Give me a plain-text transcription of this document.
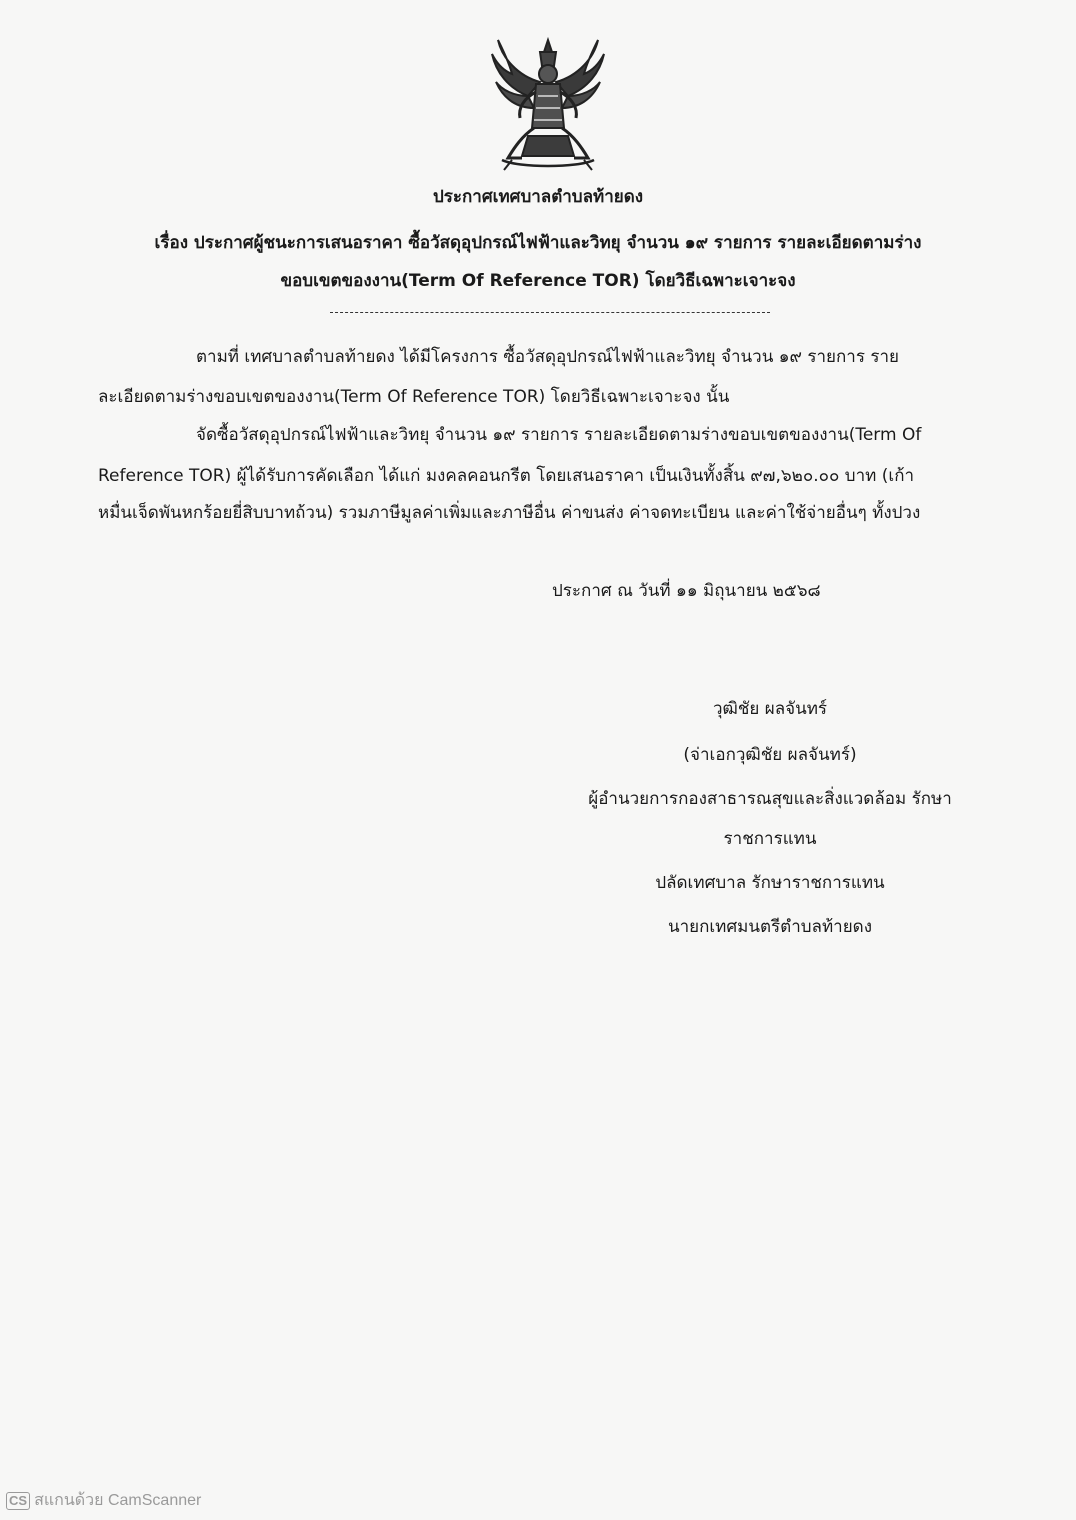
ประกาศเทศบาลตำบลท้ายดง
เรื่อง ประกาศผู้ชนะการเสนอราคา ซื้อวัสดุอุปกรณ์ไฟฟ้าและวิทยุ จำนวน ๑๙ รายการ รายละเอียดตามร่าง
ขอบเขตของงาน(Term Of Reference TOR) โดยวิธีเฉพาะเจาะจง
ตามที่ เทศบาลตำบลท้ายดง ได้มีโครงการ ซื้อวัสดุอุปกรณ์ไฟฟ้าและวิทยุ จำนวน ๑๙ รายการ ราย
ละเอียดตามร่างขอบเขตของงาน(Term Of Reference TOR) โดยวิธีเฉพาะเจาะจง นั้น
จัดซื้อวัสดุอุปกรณ์ไฟฟ้าและวิทยุ จำนวน ๑๙ รายการ รายละเอียดตามร่างขอบเขตของงาน(Term Of
Reference TOR) ผู้ได้รับการคัดเลือก ได้แก่ มงคลคอนกรีต โดยเสนอราคา เป็นเงินทั้งสิ้น ๙๗,๖๒๐.๐๐ บาท (เก้า
หมื่นเจ็ดพันหกร้อยยี่สิบบาทถ้วน) รวมภาษีมูลค่าเพิ่มและภาษีอื่น ค่าขนส่ง ค่าจดทะเบียน และค่าใช้จ่ายอื่นๆ ทั้งปวง
ประกาศ ณ วันที่ ๑๑ มิถุนายน ๒๕๖๘
วุฒิชัย ผลจันทร์
(จ่าเอกวุฒิชัย ผลจันทร์)
ผู้อำนวยการกองสาธารณสุขและสิ่งแวดล้อม รักษา
ราชการแทน
ปลัดเทศบาล รักษาราชการแทน
นายกเทศมนตรีตำบลท้ายดง
CS สแกนด้วย CamScanner
